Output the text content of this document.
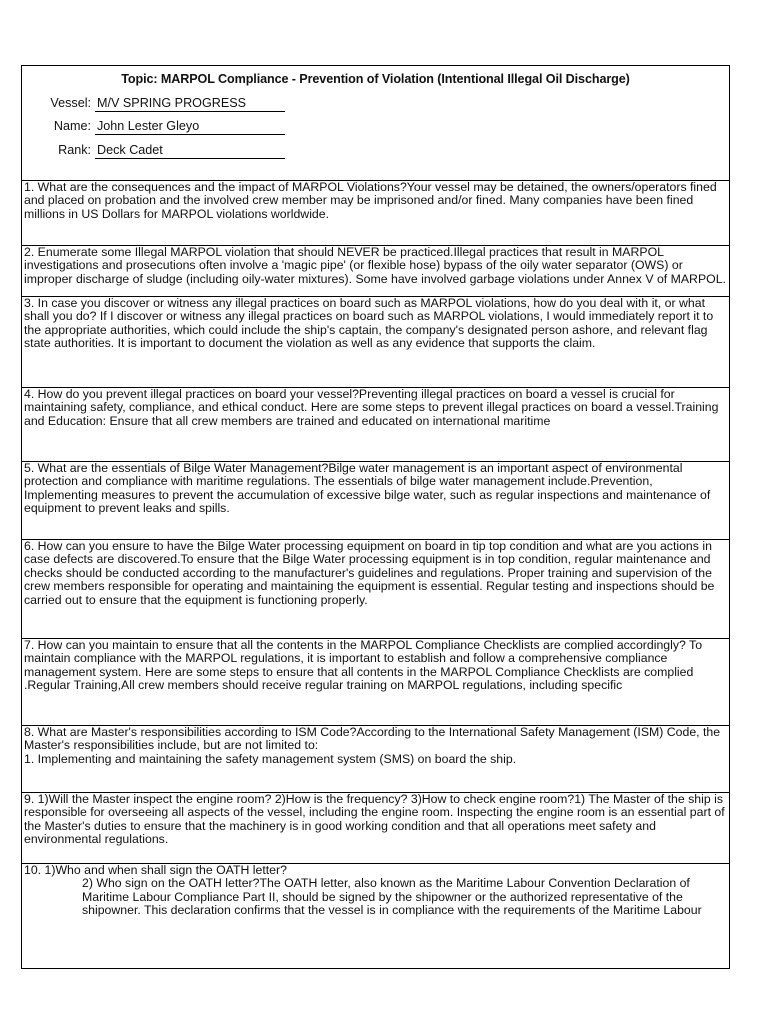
Topic: MARPOL Compliance - Prevention of Violation (Intentional Illegal Oil Discharge)
Vessel: M/V SPRING PROGRESS
Name: John Lester Gleyo
Rank: Deck Cadet

1. What are the consequences and the impact of MARPOL Violations?Your vessel may be detained, the owners/operators fined and placed on probation and the involved crew member may be imprisoned and/or fined. Many companies have been fined millions in US Dollars for MARPOL violations worldwide.

2. Enumerate some Illegal MARPOL violation that should NEVER be practiced.Illegal practices that result in MARPOL investigations and prosecutions often involve a 'magic pipe' (or flexible hose) bypass of the oily water separator (OWS) or improper discharge of sludge (including oily-water mixtures). Some have involved garbage violations under Annex V of MARPOL.

3. In case you discover or witness any illegal practices on board such as MARPOL violations, how do you deal with it, or what shall you do? If I discover or witness any illegal practices on board such as MARPOL violations, I would immediately report it to the appropriate authorities, which could include the ship's captain, the company's designated person ashore, and relevant flag state authorities. It is important to document the violation as well as any evidence that supports the claim.

4. How do you prevent illegal practices on board your vessel?Preventing illegal practices on board a vessel is crucial for maintaining safety, compliance, and ethical conduct. Here are some steps to prevent illegal practices on board a vessel.Training and Education: Ensure that all crew members are trained and educated on international maritime

5. What are the essentials of Bilge Water Management?Bilge water management is an important aspect of environmental protection and compliance with maritime regulations. The essentials of bilge water management include.Prevention, Implementing measures to prevent the accumulation of excessive bilge water, such as regular inspections and maintenance of equipment to prevent leaks and spills.

6. How can you ensure to have the Bilge Water processing equipment on board in tip top condition and what are you actions in case defects are discovered.To ensure that the Bilge Water processing equipment is in top condition, regular maintenance and checks should be conducted according to the manufacturer's guidelines and regulations. Proper training and supervision of the crew members responsible for operating and maintaining the equipment is essential. Regular testing and inspections should be carried out to ensure that the equipment is functioning properly.

7. How can you maintain to ensure that all the contents in the MARPOL Compliance Checklists are complied accordingly? To maintain compliance with the MARPOL regulations, it is important to establish and follow a comprehensive compliance management system. Here are some steps to ensure that all contents in the MARPOL Compliance Checklists are complied .Regular Training,All crew members should receive regular training on MARPOL regulations, including specific

8. What are Master's responsibilities according to ISM Code?According to the International Safety Management (ISM) Code, the Master's responsibilities include, but are not limited to:

1. Implementing and maintaining the safety management system (SMS) on board the ship.

9. 1)Will the Master inspect the engine room? 2)How is the frequency? 3)How to check engine room?1) The Master of the ship is responsible for overseeing all aspects of the vessel, including the engine room. Inspecting the engine room is an essential part of the Master's duties to ensure that the machinery is in good working condition and that all operations meet safety and environmental regulations.

10. 1)Who and when shall sign the OATH letter?

2) Who sign on the OATH letter?The OATH letter, also known as the Maritime Labour Convention Declaration of Maritime Labour Compliance Part II, should be signed by the shipowner or the authorized representative of the shipowner. This declaration confirms that the vessel is in compliance with the requirements of the Maritime Labour
